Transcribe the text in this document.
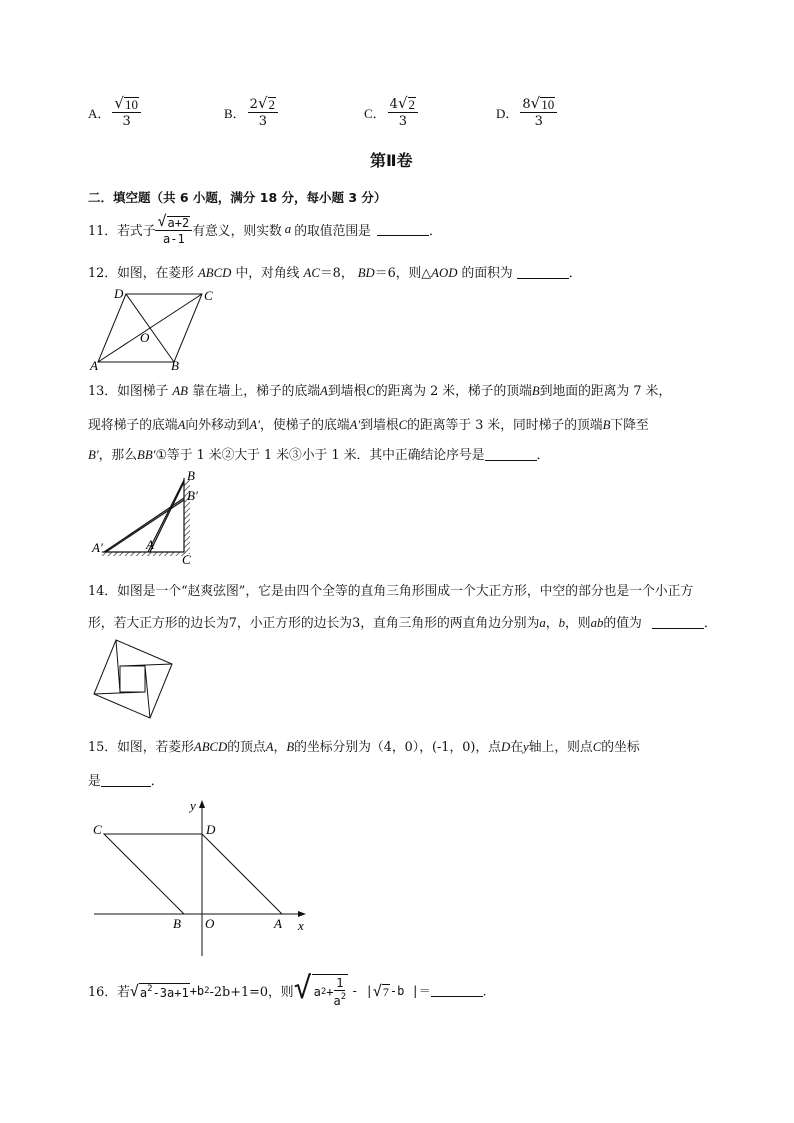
A． $\frac{√ 10}{3}$	B． $\frac{2 √ 2}{3}$	C． $\frac{4 √ 2}{3}$	D． $\frac{8 √ 10}{3}$
第Ⅱ卷
二．填空题（共 6 小题，满分 18 分，每小题 3 分）
11． 若式子 $\frac{√ a+2}{a-1}$ 有意义，则实数 a 的取值范围是	．
12．如图，在菱形 ABCD 中，对角线 AC＝8， BD＝6，则△AOD 的面积为	．
D	C
O
A	B
13．如图梯子 AB 靠在墙上，梯子的底端A到墙根C的距离为 2 米，梯子的顶端B到地面的距离为 7 米，
现将梯子的底端A向外移动到A′，使梯子的底端A′到墙根C的距离等于 3 米，同时梯子的顶端B下降至
B′，那么BB′①等于 1 米②大于 1 米③小于 1 米．其中正确结论序号是	．
B
B′
A′	A
C
14．如图是一个“赵爽弦图”，它是由四个全等的直角三角形围成一个大正方形，中空的部分也是一个小正方
形，若大正方形的边长为7，小正方形的边长为3，直角三角形的两直角边分别为a，b，则ab的值为	．
15．如图，若菱形ABCD的顶点A，B的坐标分别为（4，0），(-1，0)，点D在y轴上，则点C的坐标
是	．
y
x
C	D
B O	A
16． 若 √ $a^2-3a+1 +b$ 2 -2b+1=0，则 √ a $2 + \frac{1}{a^2}$ - | √ 7 -b |＝	．
